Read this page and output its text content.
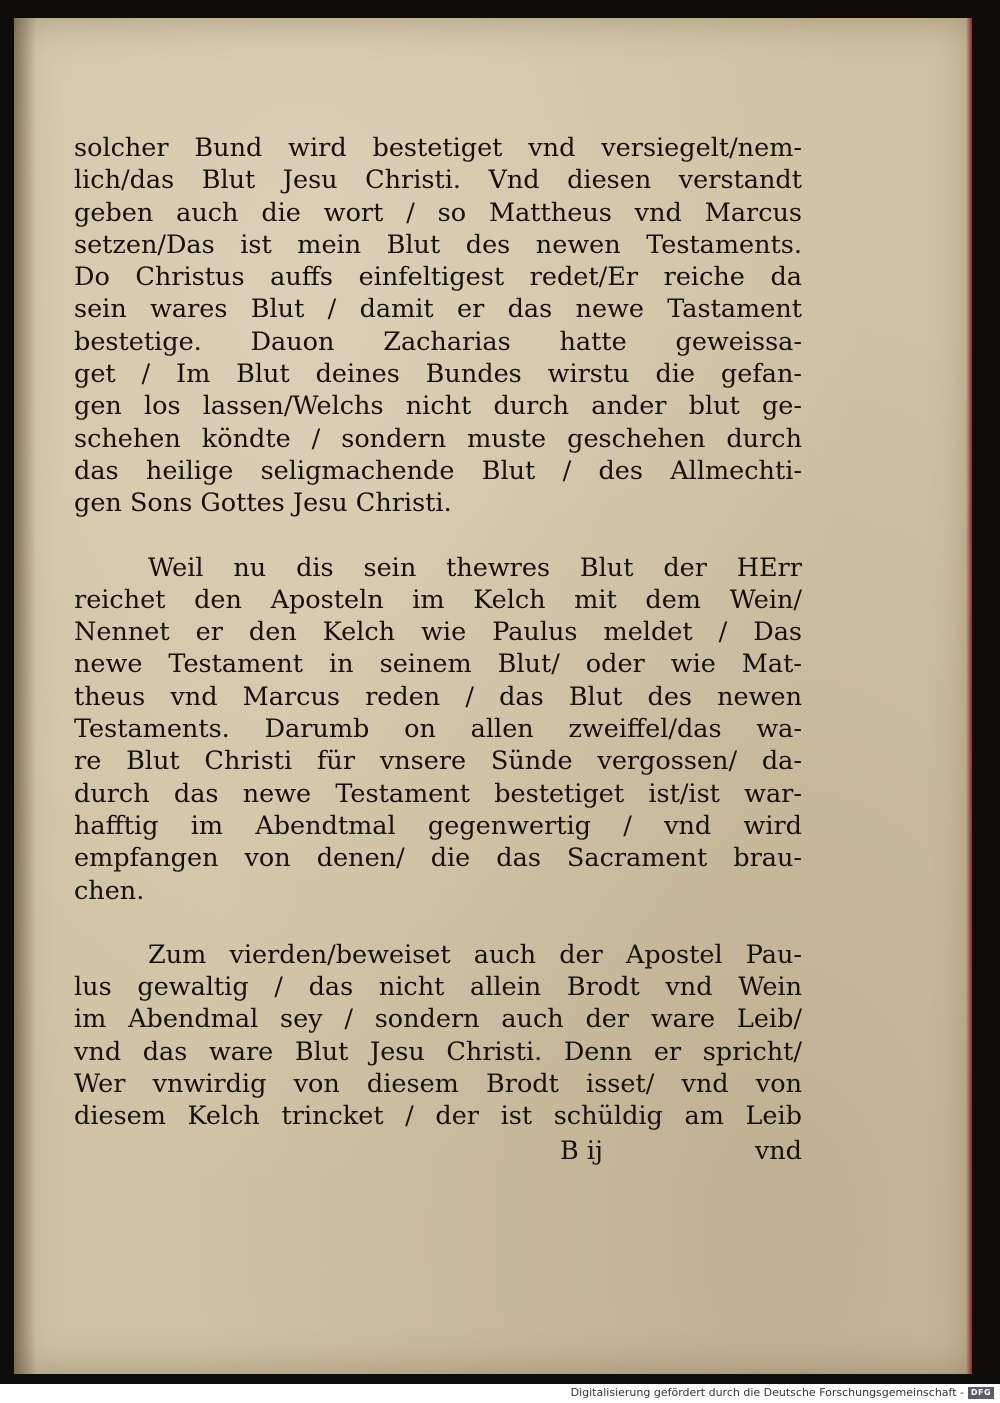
solcher Bund wird bestetiget vnd versiegelt/nem-
lich/das Blut Jesu Christi. Vnd diesen verstandt
geben auch die wort / so Mattheus vnd Marcus
setzen/Das ist mein Blut des newen Testaments.
Do Christus auffs einfeltigest redet/Er reiche da
sein wares Blut / damit er das newe Tastament
bestetige. Dauon Zacharias hatte geweissa-
get / Im Blut deines Bundes wirstu die gefan-
gen los lassen/Welchs nicht durch ander blut ge-
schehen köndte / sondern muste geschehen durch
das heilige seligmachende Blut / des Allmechti-
gen Sons Gottes Jesu Christi.
Weil nu dis sein thewres Blut der HErr
reichet den Aposteln im Kelch mit dem Wein/
Nennet er den Kelch wie Paulus meldet / Das
newe Testament in seinem Blut/ oder wie Mat-
theus vnd Marcus reden / das Blut des newen
Testaments. Darumb on allen zweiffel/das wa-
re Blut Christi für vnsere Sünde vergossen/ da-
durch das newe Testament bestetiget ist/ist war-
hafftig im Abendtmal gegenwertig / vnd wird
empfangen von denen/ die das Sacrament brau-
chen.
Zum vierden/beweiset auch der Apostel Pau-
lus gewaltig / das nicht allein Brodt vnd Wein
im Abendmal sey / sondern auch der ware Leib/
vnd das ware Blut Jesu Christi. Denn er spricht/
Wer vnwirdig von diesem Brodt isset/ vnd von
diesem Kelch trincket / der ist schüldig am Leib
B ij	vnd
Digitalisierung gefördert durch die Deutsche Forschungsgemeinschaft - DFG
